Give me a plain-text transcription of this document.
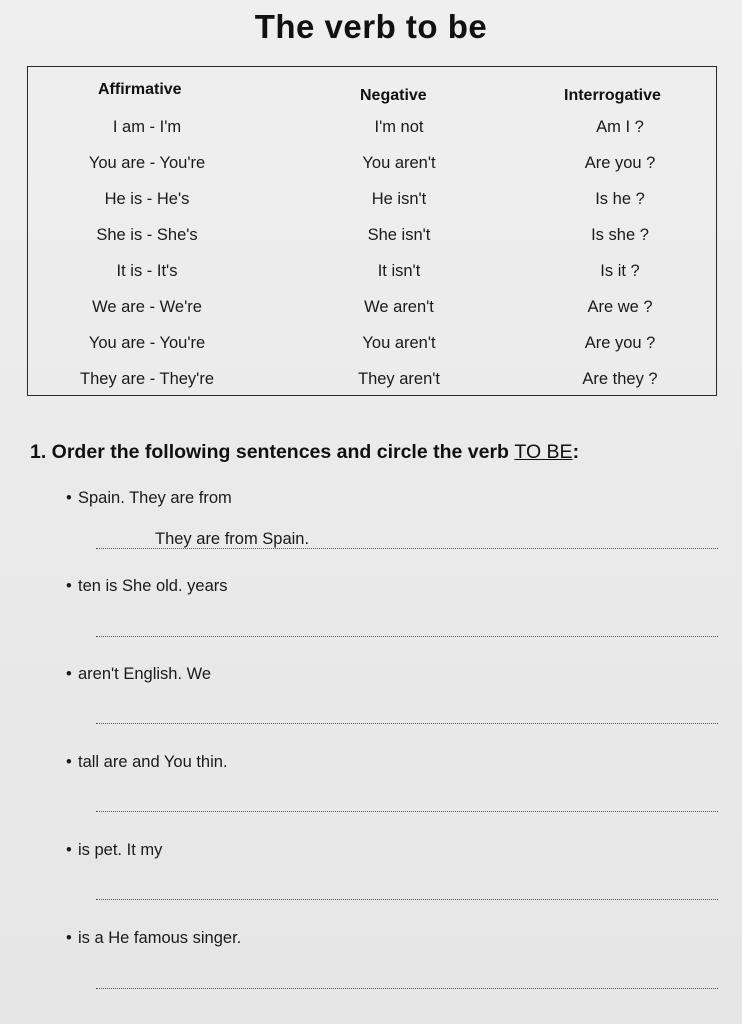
The verb to be
Affirmative	Negative	Interrogative
I am - I'm	I'm not	Am I ?
You are - You're	You aren't	Are you ?
He is - He's	He isn't	Is he ?
She is - She's	She isn't	Is she ?
It is - It's	It isn't	Is it ?
We are - We're	We aren't	Are we ?
You are - You're	You aren't	Are you ?
They are - They're	They aren't	Are they ?
1. Order the following sentences and circle the verb TO BE:
• Spain. They are from
They are from Spain.
• ten is She old. years
• aren't English. We
• tall are and You thin.
• is pet. It my
• is a He famous singer.
